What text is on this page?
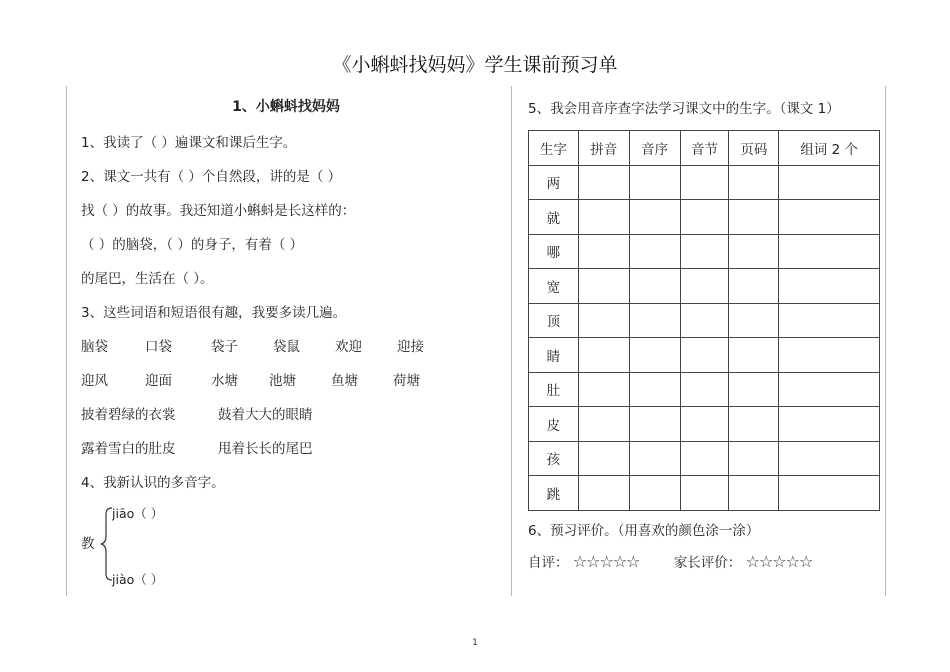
《小蝌蚪找妈妈》学生课前预习单
1、小蝌蚪找妈妈
1、我读了（ ）遍课文和课后生字。
2、课文一共有（ ）个自然段，讲的是（ ）
找（ ）的故事。我还知道小蝌蚪是长这样的：
（ ）的脑袋，（ ）的身子，有着（ ）
的尾巴，生活在（ ）。
3、这些词语和短语很有趣，我要多读几遍。
脑袋	口袋	袋子	袋鼠	欢迎	迎接
迎风	迎面	水塘	池塘	鱼塘	荷塘
披着碧绿的衣裳	鼓着大大的眼睛
露着雪白的肚皮	甩着长长的尾巴
4、我新认识的多音字。
教
jiāo（ ）
jiào（ ）
5、我会用音序查字法学习课文中的生字。（课文 1）
生字	拼音	音序	音节	页码	组词 2 个
两					
就					
哪					
宽					
顶					
睛					
肚					
皮					
孩					
跳					
6、预习评价。（用喜欢的颜色涂一涂）
自评： ☆☆☆☆☆	家长评价： ☆☆☆☆☆
1
